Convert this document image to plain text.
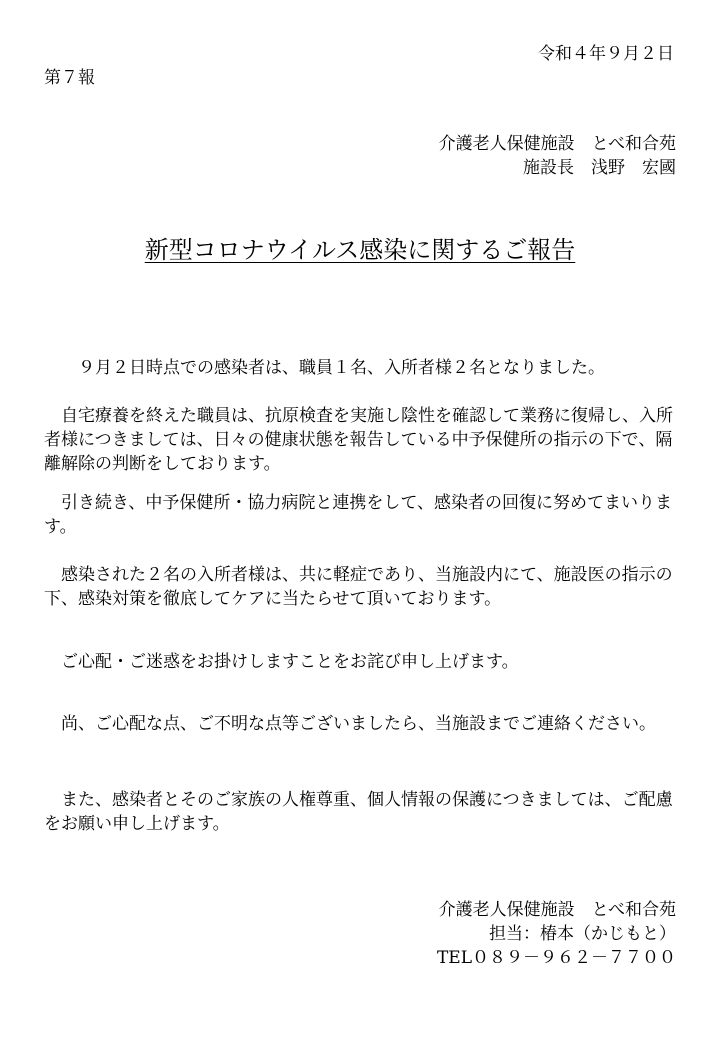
令和４年９月２日
第７報
介護老人保健施設　とべ和合苑
施設長　浅野　宏國
新型コロナウイルス感染に関するご報告

９月２日時点での感染者は、職員１名、入所者様２名となりました。

自宅療養を終えた職員は、抗原検査を実施し陰性を確認して業務に復帰し、入所者様につきましては、日々の健康状態を報告している中予保健所の指示の下で、隔離解除の判断をしております。

引き続き、中予保健所・協力病院と連携をして、感染者の回復に努めてまいります。

感染された２名の入所者様は、共に軽症であり、当施設内にて、施設医の指示の下、感染対策を徹底してケアに当たらせて頂いております。

ご心配・ご迷惑をお掛けしますことをお詫び申し上げます。

尚、ご心配な点、ご不明な点等ございましたら、当施設までご連絡ください。

また、感染者とそのご家族の人権尊重、個人情報の保護につきましては、ご配慮をお願い申し上げます。

介護老人保健施設　とべ和合苑
担当：椿本（かじもと）
TEL０８９－９６２－７７００
